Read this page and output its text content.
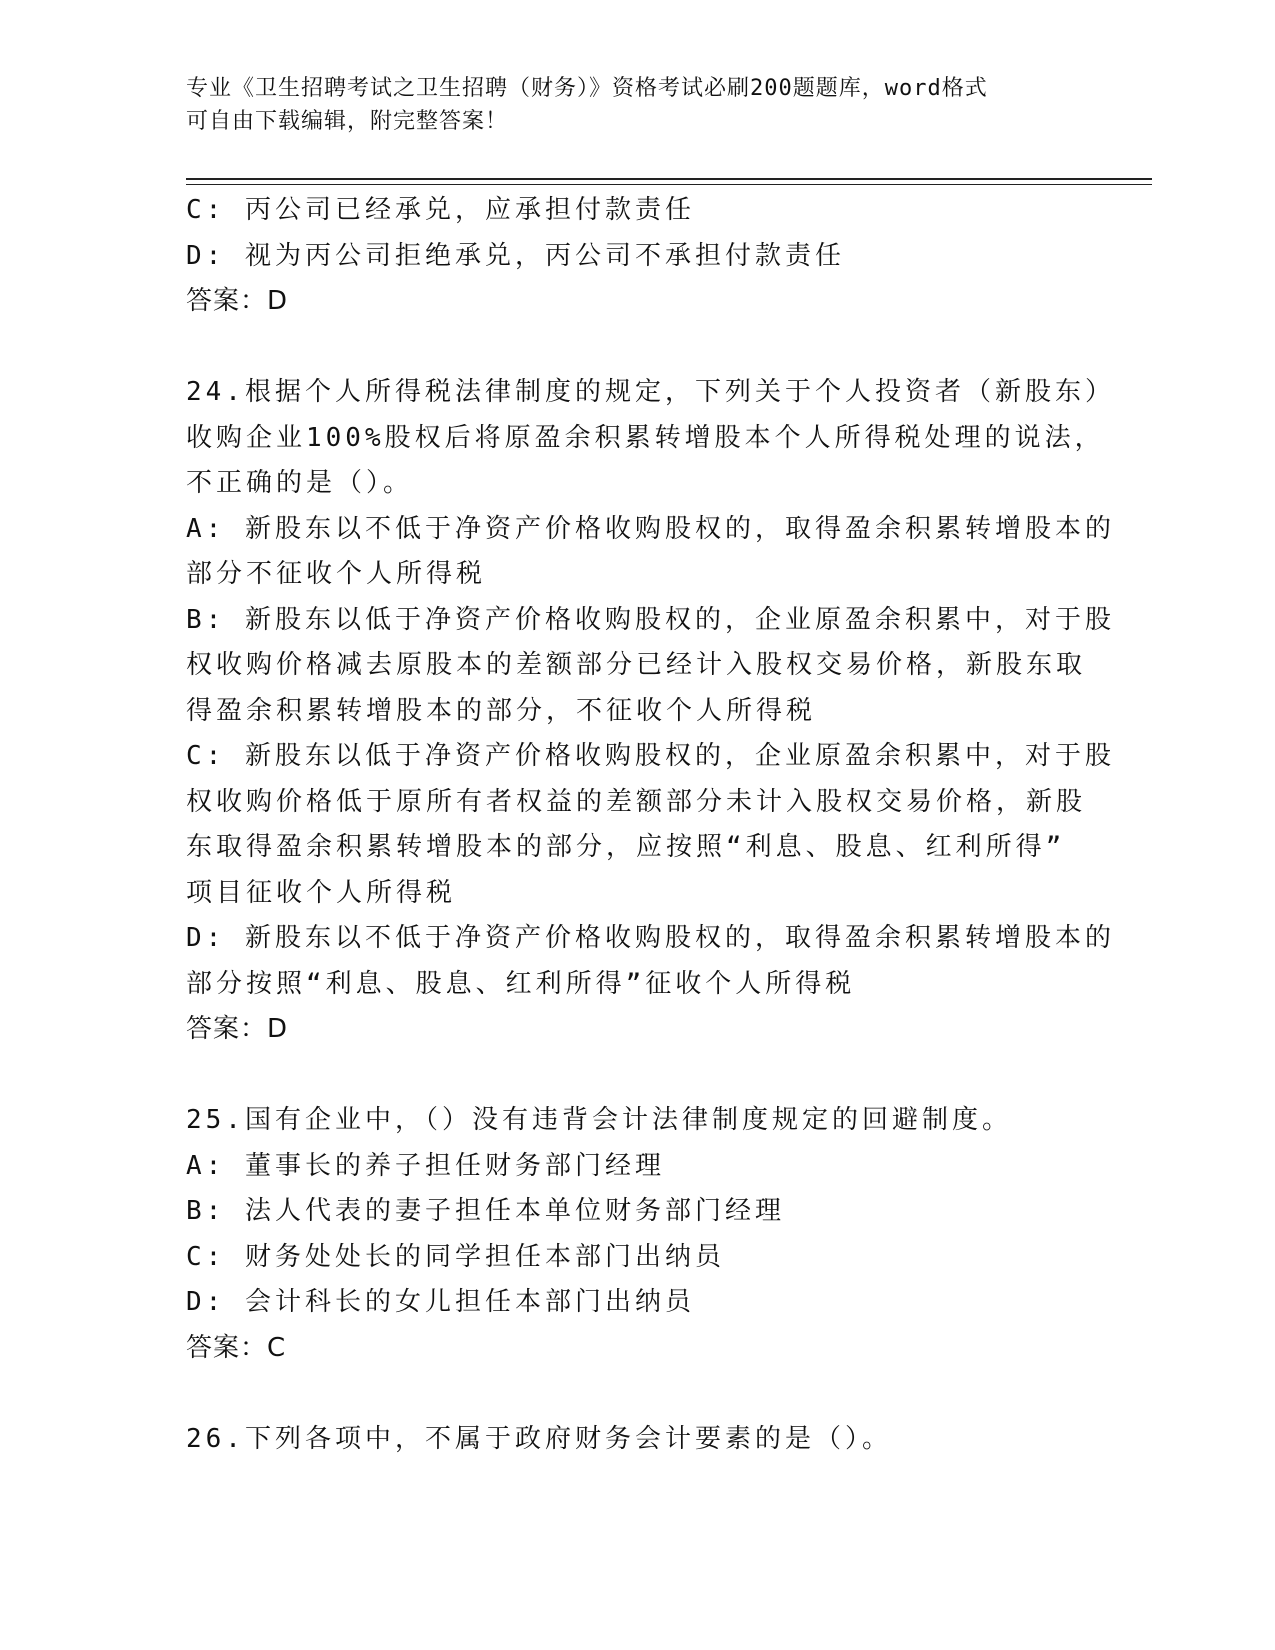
专业《卫生招聘考试之卫生招聘（财务）》资格考试必刷200题题库，word格式
可自由下载编辑，附完整答案！
C: 丙公司已经承兑，应承担付款责任
D: 视为丙公司拒绝承兑，丙公司不承担付款责任
答案：D
24.根据个人所得税法律制度的规定，下列关于个人投资者（新股东）
收购企业100%股权后将原盈余积累转增股本个人所得税处理的说法，
不正确的是（）。
A: 新股东以不低于净资产价格收购股权的，取得盈余积累转增股本的
部分不征收个人所得税
B: 新股东以低于净资产价格收购股权的，企业原盈余积累中，对于股
权收购价格减去原股本的差额部分已经计入股权交易价格，新股东取
得盈余积累转增股本的部分，不征收个人所得税
C: 新股东以低于净资产价格收购股权的，企业原盈余积累中，对于股
权收购价格低于原所有者权益的差额部分未计入股权交易价格，新股
东取得盈余积累转增股本的部分，应按照“利息、股息、红利所得”
项目征收个人所得税
D: 新股东以不低于净资产价格收购股权的，取得盈余积累转增股本的
部分按照“利息、股息、红利所得”征收个人所得税
答案：D
25.国有企业中，（）没有违背会计法律制度规定的回避制度。
A: 董事长的养子担任财务部门经理
B: 法人代表的妻子担任本单位财务部门经理
C: 财务处处长的同学担任本部门出纳员
D: 会计科长的女儿担任本部门出纳员
答案：C
26.下列各项中，不属于政府财务会计要素的是（）。
